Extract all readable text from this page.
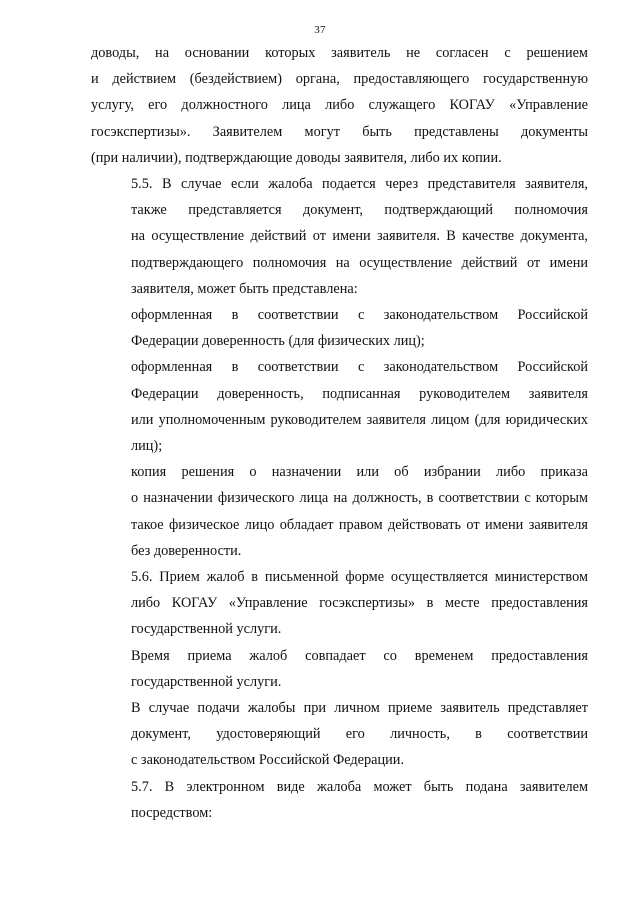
37
доводы, на основании которых заявитель не согласен с решением
и действием (бездействием) органа, предоставляющего государственную
услугу, его должностного лица либо служащего КОГАУ «Управление
госэкспертизы». Заявителем могут быть представлены документы
(при наличии), подтверждающие доводы заявителя, либо их копии.
5.5. В случае если жалоба подается через представителя заявителя,
также представляется документ, подтверждающий полномочия
на осуществление действий от имени заявителя. В качестве документа,
подтверждающего полномочия на осуществление действий от имени
заявителя, может быть представлена:
оформленная в соответствии с законодательством Российской
Федерации доверенность (для физических лиц);
оформленная в соответствии с законодательством Российской
Федерации доверенность, подписанная руководителем заявителя
или уполномоченным руководителем заявителя лицом (для юридических
лиц);
копия решения о назначении или об избрании либо приказа
о назначении физического лица на должность, в соответствии с которым
такое физическое лицо обладает правом действовать от имени заявителя
без доверенности.
5.6. Прием жалоб в письменной форме осуществляется министерством
либо КОГАУ «Управление госэкспертизы» в месте предоставления
государственной услуги.
Время приема жалоб совпадает со временем предоставления
государственной услуги.
В случае подачи жалобы при личном приеме заявитель представляет
документ, удостоверяющий его личность, в соответствии
с законодательством Российской Федерации.
5.7. В электронном виде жалоба может быть подана заявителем
посредством:
